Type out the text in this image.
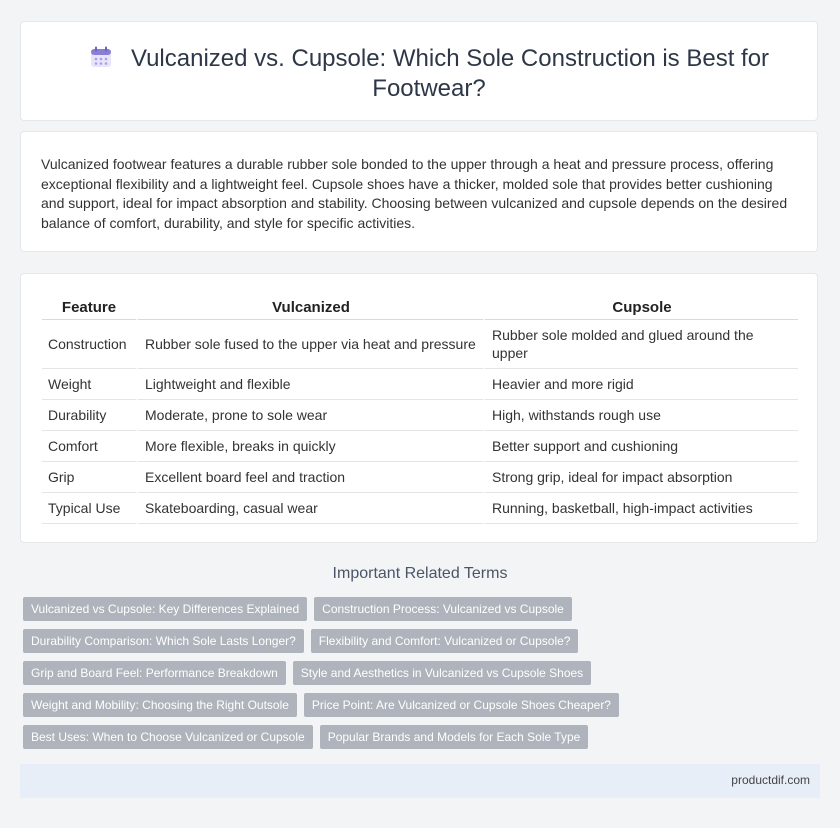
Vulcanized vs. Cupsole: Which Sole Construction is Best for Footwear?
Vulcanized footwear features a durable rubber sole bonded to the upper through a heat and pressure process, offering exceptional flexibility and a lightweight feel. Cupsole shoes have a thicker, molded sole that provides better cushioning and support, ideal for impact absorption and stability. Choosing between vulcanized and cupsole depends on the desired balance of comfort, durability, and style for specific activities.
Feature	Vulcanized	Cupsole
Construction	Rubber sole fused to the upper via heat and pressure	Rubber sole molded and glued around the upper
Weight	Lightweight and flexible	Heavier and more rigid
Durability	Moderate, prone to sole wear	High, withstands rough use
Comfort	More flexible, breaks in quickly	Better support and cushioning
Grip	Excellent board feel and traction	Strong grip, ideal for impact absorption
Typical Use	Skateboarding, casual wear	Running, basketball, high-impact activities
Important Related Terms
Vulcanized vs Cupsole: Key Differences Explained Construction Process: Vulcanized vs Cupsole
Durability Comparison: Which Sole Lasts Longer? Flexibility and Comfort: Vulcanized or Cupsole?
Grip and Board Feel: Performance Breakdown Style and Aesthetics in Vulcanized vs Cupsole Shoes
Weight and Mobility: Choosing the Right Outsole Price Point: Are Vulcanized or Cupsole Shoes Cheaper?
Best Uses: When to Choose Vulcanized or Cupsole Popular Brands and Models for Each Sole Type
productdif.com
